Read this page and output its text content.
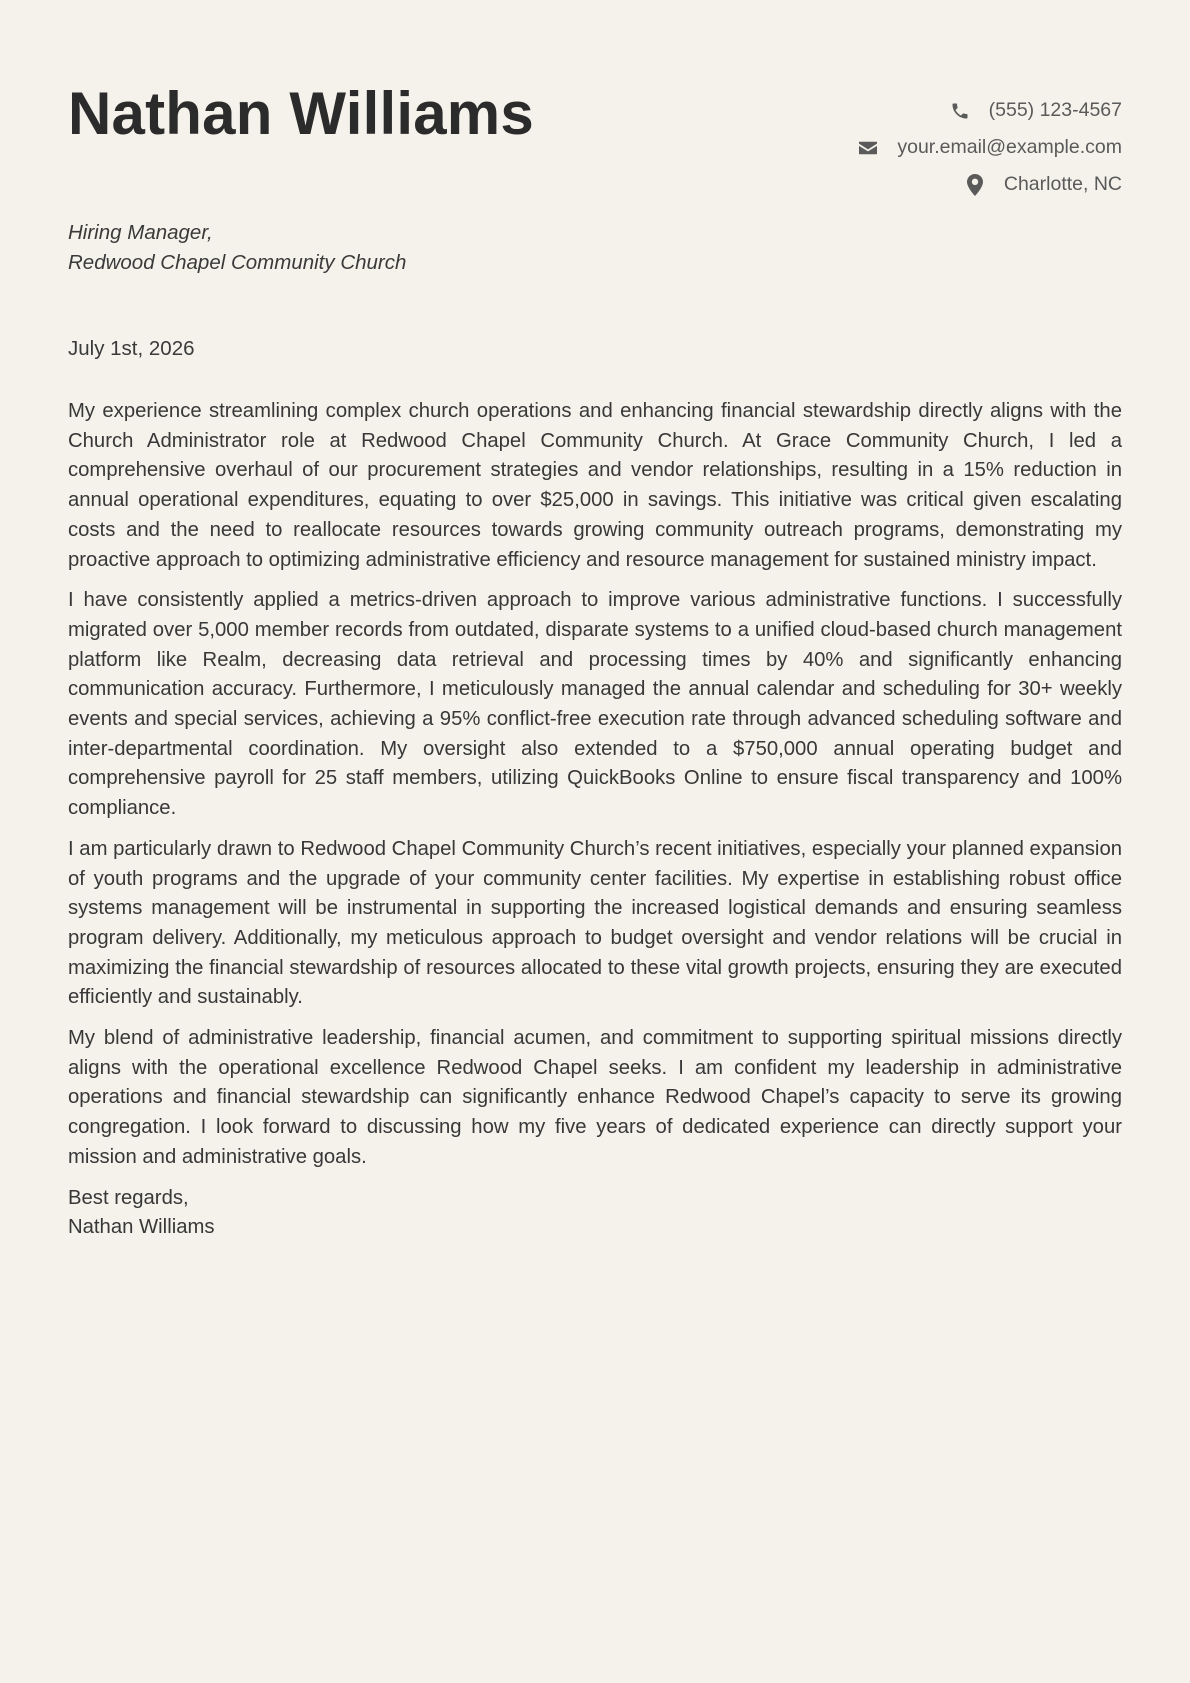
Nathan Williams	(555) 123-4567
your.email@example.com
Charlotte, NC
Hiring Manager,
Redwood Chapel Community Church
July 1st, 2026

My experience streamlining complex church operations and enhancing financial stewardship directly aligns with the Church Administrator role at Redwood Chapel Community Church. At Grace Community Church, I led a comprehensive overhaul of our procurement strategies and vendor relationships, resulting in a 15% reduction in annual operational expenditures, equating to over $25,000 in savings. This initiative was critical given escalating costs and the need to reallocate resources towards growing community outreach programs, demonstrating my proactive approach to optimizing administrative efficiency and resource management for sustained ministry impact.

I have consistently applied a metrics-driven approach to improve various administrative functions. I successfully migrated over 5,000 member records from outdated, disparate systems to a unified cloud-based church management platform like Realm, decreasing data retrieval and processing times by 40% and significantly enhancing communication accuracy. Furthermore, I meticulously managed the annual calendar and scheduling for 30+ weekly events and special services, achieving a 95% conflict-free execution rate through advanced scheduling software and inter-departmental coordination. My oversight also extended to a $750,000 annual operating budget and comprehensive payroll for 25 staff members, utilizing QuickBooks Online to ensure fiscal transparency and 100% compliance.

I am particularly drawn to Redwood Chapel Community Church’s recent initiatives, especially your planned expansion of youth programs and the upgrade of your community center facilities. My expertise in establishing robust office systems management will be instrumental in supporting the increased logistical demands and ensuring seamless program delivery. Additionally, my meticulous approach to budget oversight and vendor relations will be crucial in maximizing the financial stewardship of resources allocated to these vital growth projects, ensuring they are executed efficiently and sustainably.

My blend of administrative leadership, financial acumen, and commitment to supporting spiritual missions directly aligns with the operational excellence Redwood Chapel seeks. I am confident my leadership in administrative operations and financial stewardship can significantly enhance Redwood Chapel’s capacity to serve its growing congregation. I look forward to discussing how my five years of dedicated experience can directly support your mission and administrative goals.

Best regards,
Nathan Williams
